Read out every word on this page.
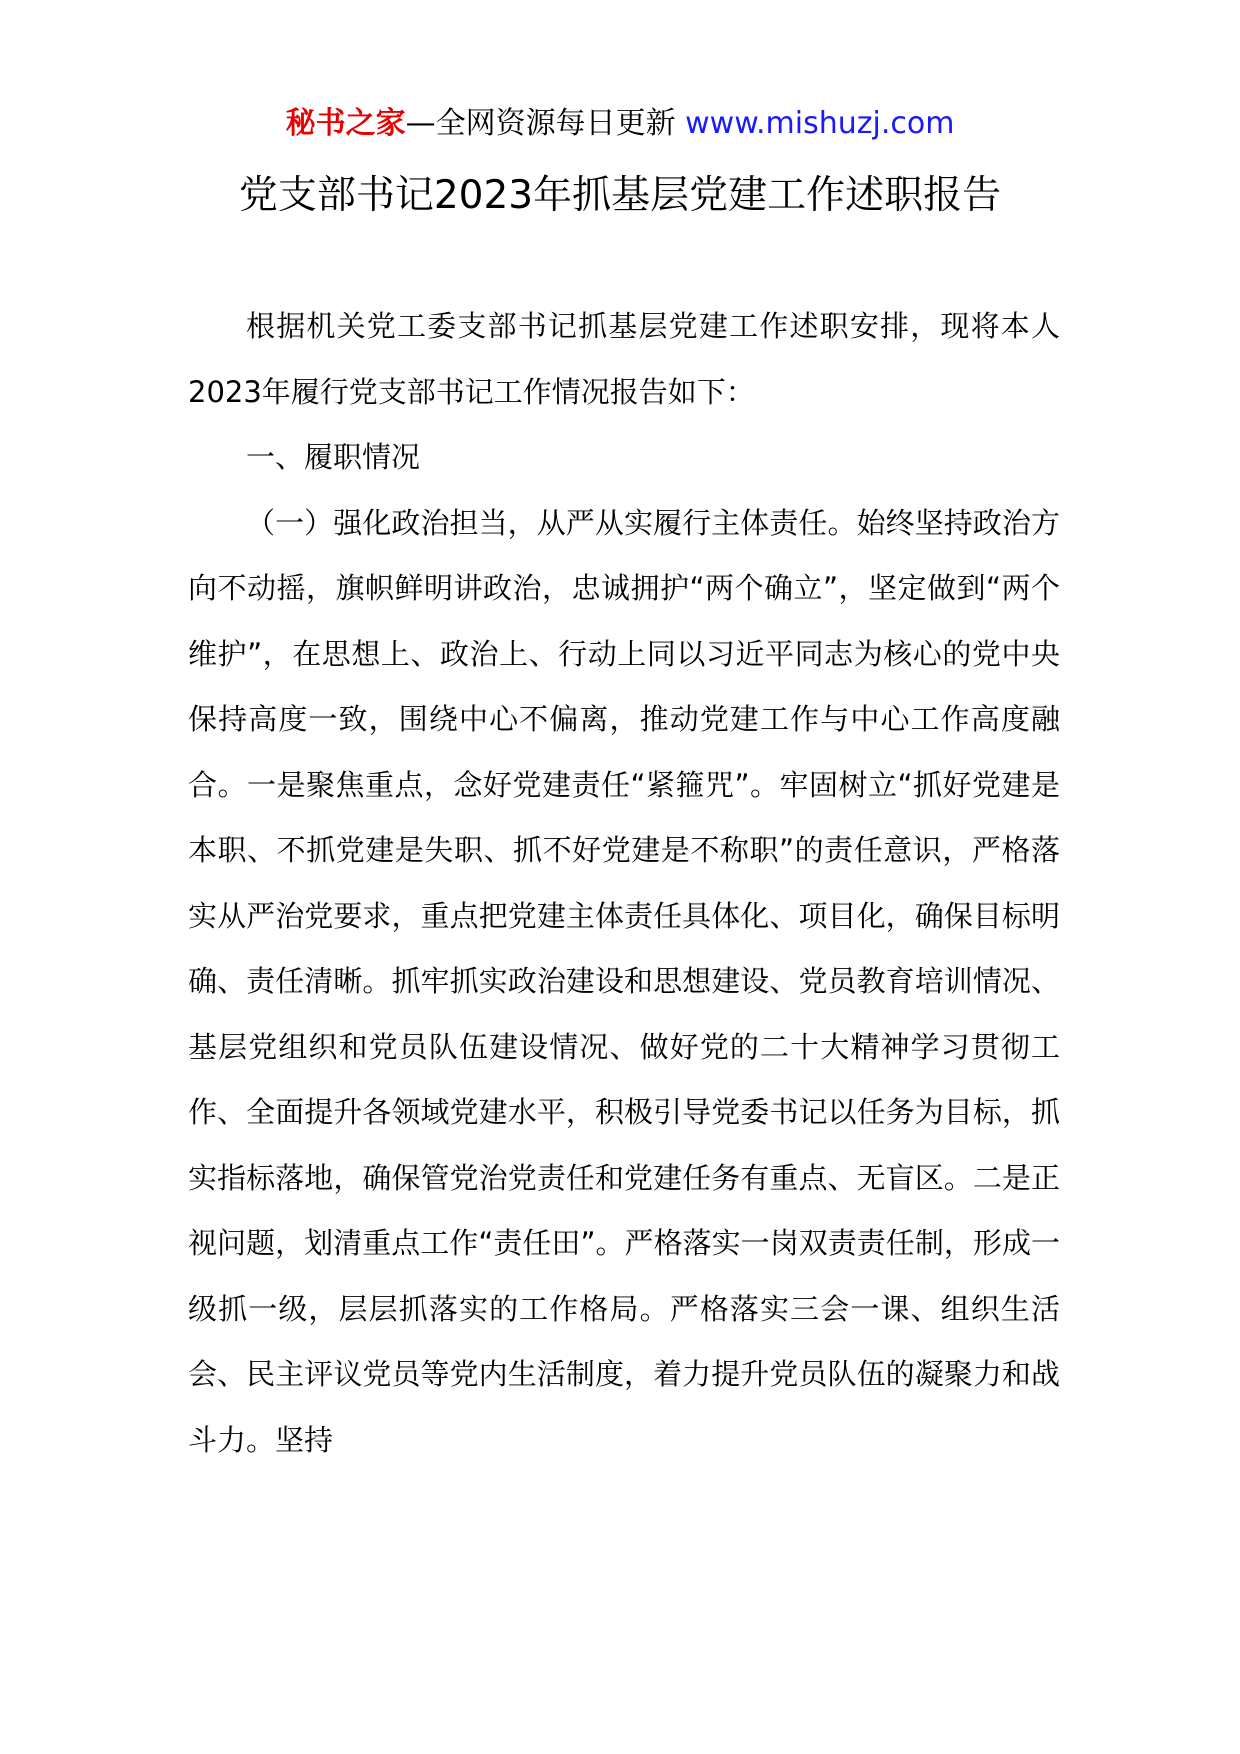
秘书之家—全网资源每日更新 www.mishuzj.com
党支部书记2023年抓基层党建工作述职报告

根据机关党工委支部书记抓基层党建工作述职安排，现将本人2023年履行党支部书记工作情况报告如下：

一、履职情况

（一）强化政治担当，从严从实履行主体责任。始终坚持政治方向不动摇，旗帜鲜明讲政治，忠诚拥护“两个确立”，坚定做到“两个维护”，在思想上、政治上、行动上同以习近平同志为核心的党中央保持高度一致，围绕中心不偏离，推动党建工作与中心工作高度融合。一是聚焦重点，念好党建责任“紧箍咒”。牢固树立“抓好党建是本职、不抓党建是失职、抓不好党建是不称职”的责任意识，严格落实从严治党要求，重点把党建主体责任具体化、项目化，确保目标明确、责任清晰。抓牢抓实政治建设和思想建设、党员教育培训情况、基层党组织和党员队伍建设情况、做好党的二十大精神学习贯彻工作、全面提升各领域党建水平，积极引导党委书记以任务为目标，抓实指标落地，确保管党治党责任和党建任务有重点、无盲区。二是正视问题，划清重点工作“责任田”。严格落实一岗双责责任制，形成一级抓一级，层层抓落实的工作格局。严格落实三会一课、组织生活会、民主评议党员等党内生活制度，着力提升党员队伍的凝聚力和战斗力。坚持
